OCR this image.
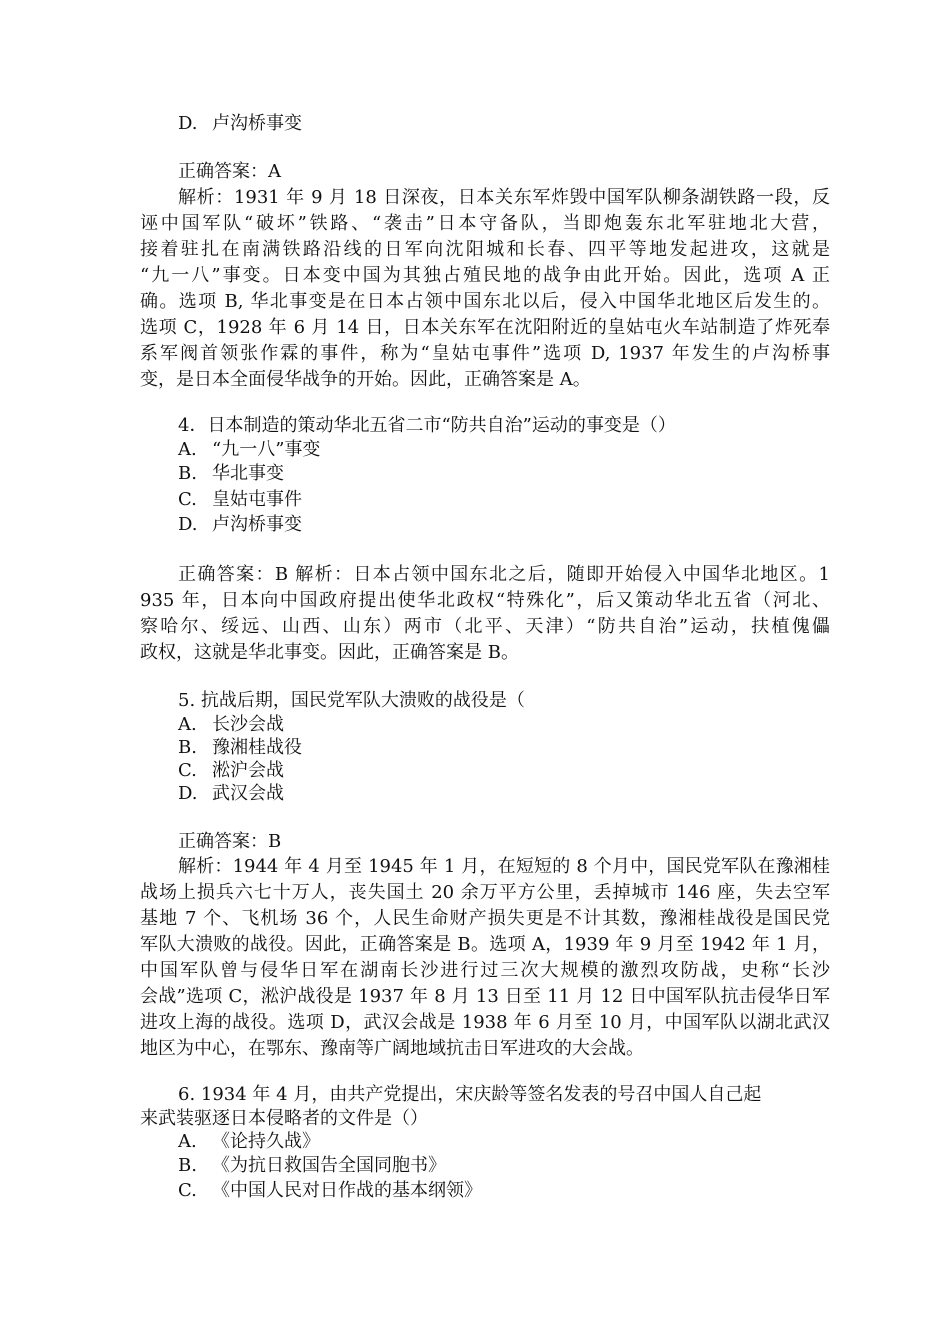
D. 卢沟桥事变
正确答案：A
解析：1931 年 9 月 18 日深夜，日本关东军炸毁中国军队柳条湖铁路一段，反
诬中国军队“破坏”铁路、“袭击”日本守备队，当即炮轰东北军驻地北大营，
接着驻扎在南满铁路沿线的日军向沈阳城和长春、四平等地发起进攻，这就是
“九一八”事变。日本变中国为其独占殖民地的战争由此开始。因此，选项 A 正
确。选项 B, 华北事变是在日本占领中国东北以后，侵入中国华北地区后发生的。
选项 C，1928 年 6 月 14 日，日本关东军在沈阳附近的皇姑屯火车站制造了炸死奉
系军阀首领张作霖的事件，称为“皇姑屯事件”选项 D, 1937 年发生的卢沟桥事
变，是日本全面侵华战争的开始。因此，正确答案是 A。
4．日本制造的策动华北五省二市“防共自治”运动的事变是（）
A. “九一八”事变
B. 华北事变
C. 皇姑屯事件
D. 卢沟桥事变
正确答案：B 解析：日本占领中国东北之后，随即开始侵入中国华北地区。1
935 年，日本向中国政府提出使华北政权“特殊化”，后又策动华北五省（河北、
察哈尔、绥远、山西、山东）两市（北平、天津）“防共自治”运动，扶植傀儡
政权，这就是华北事变。因此，正确答案是 B。
5. 抗战后期，国民党军队大溃败的战役是（
A. 长沙会战
B. 豫湘桂战役
C. 淞沪会战
D. 武汉会战
正确答案：B
解析：1944 年 4 月至 1945 年 1 月，在短短的 8 个月中，国民党军队在豫湘桂
战场上损兵六七十万人，丧失国土 20 余万平方公里，丢掉城市 146 座，失去空军
基地 7 个、飞机场 36 个，人民生命财产损失更是不计其数，豫湘桂战役是国民党
军队大溃败的战役。因此，正确答案是 B。选项 A，1939 年 9 月至 1942 年 1 月，
中国军队曾与侵华日军在湖南长沙进行过三次大规模的激烈攻防战，史称“长沙
会战”选项 C，淞沪战役是 1937 年 8 月 13 日至 11 月 12 日中国军队抗击侵华日军
进攻上海的战役。选项 D，武汉会战是 1938 年 6 月至 10 月，中国军队以湖北武汉
地区为中心，在鄂东、豫南等广阔地域抗击日军进攻的大会战。
6. 1934 年 4 月，由共产党提出，宋庆龄等签名发表的号召中国人自己起
来武装驱逐日本侵略者的文件是（）
A. 《论持久战》
B. 《为抗日救国告全国同胞书》
C. 《中国人民对日作战的基本纲领》
